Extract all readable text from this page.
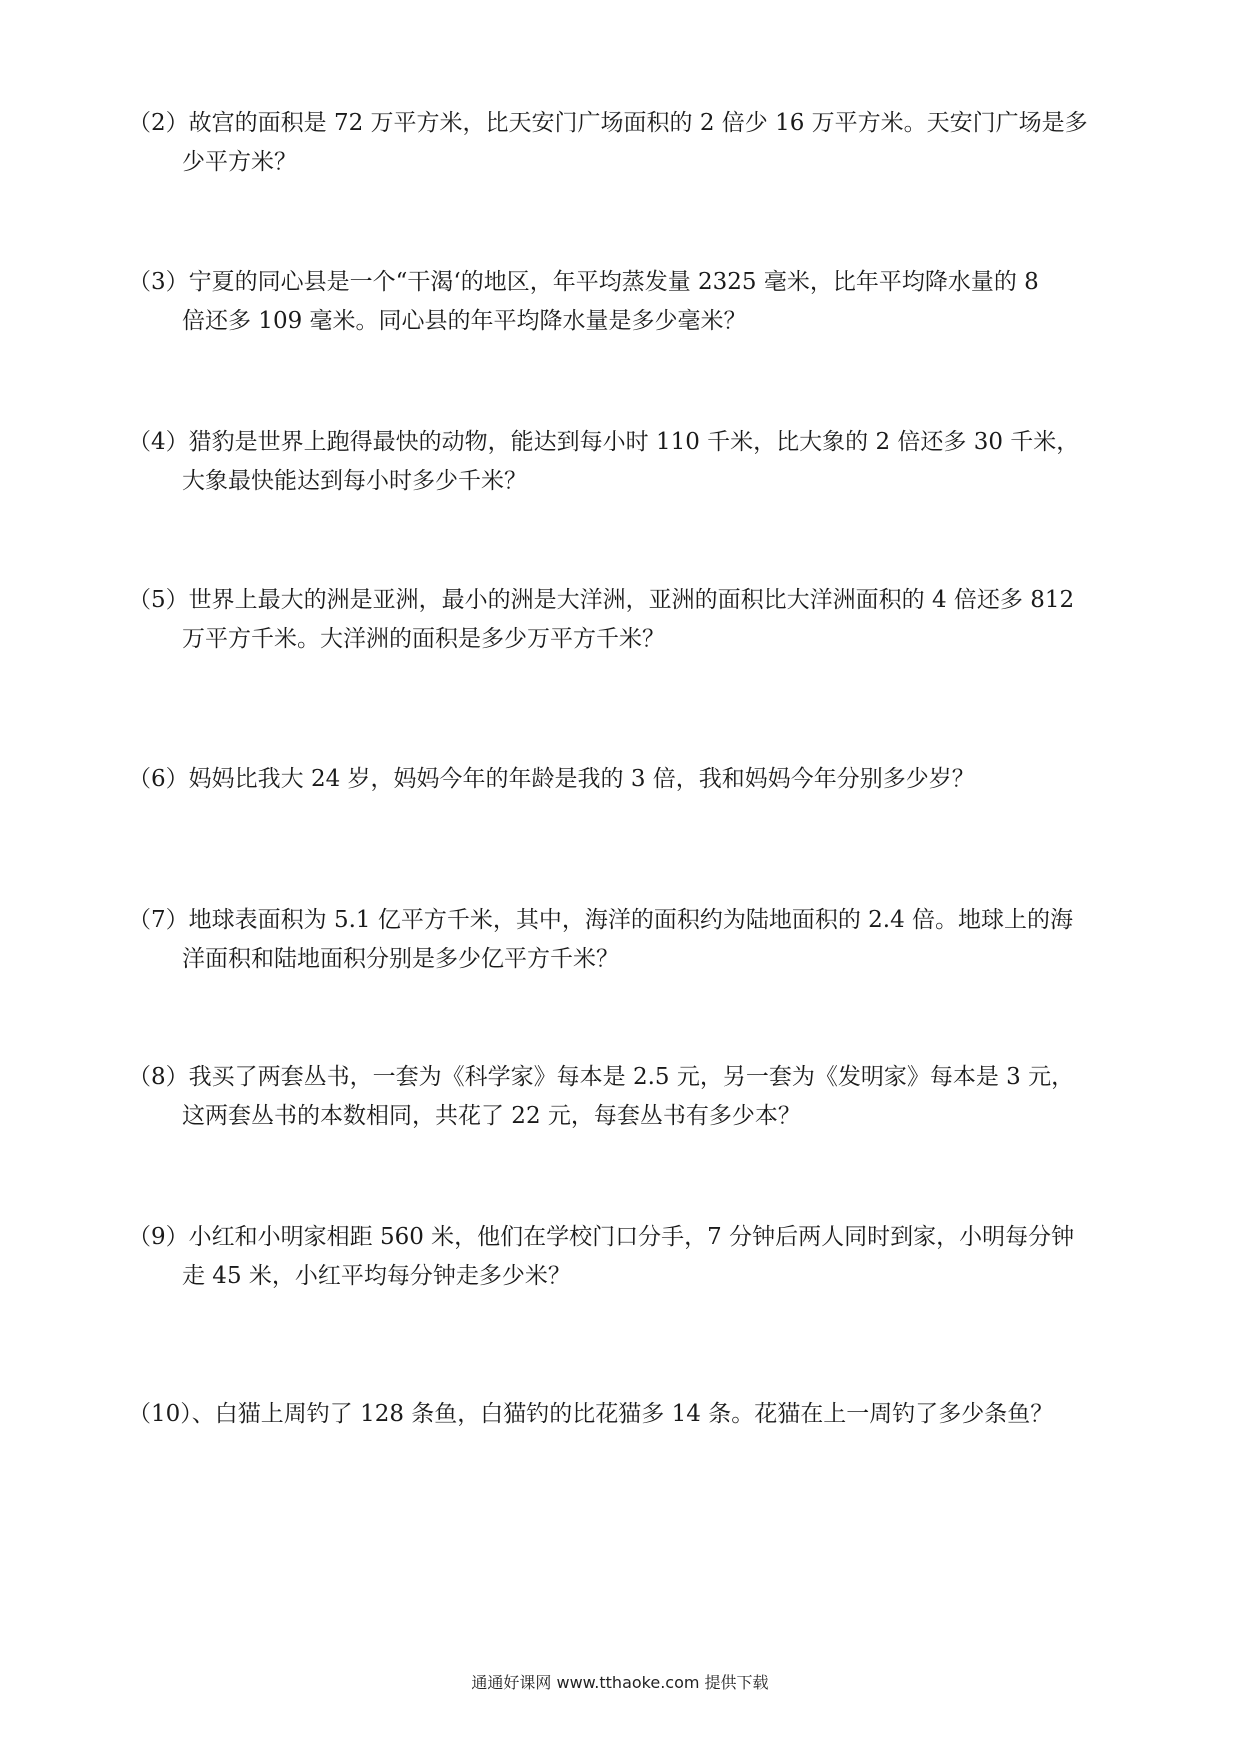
（2）故宫的面积是 72 万平方米，比天安门广场面积的 2 倍少 16 万平方米。天安门广场是多
少平方米？
（3）宁夏的同心县是一个“干渴‘的地区，年平均蒸发量 2325 毫米，比年平均降水量的 8
倍还多 109 毫米。同心县的年平均降水量是多少毫米？
（4）猎豹是世界上跑得最快的动物，能达到每小时 110 千米，比大象的 2 倍还多 30 千米，
大象最快能达到每小时多少千米？
（5）世界上最大的洲是亚洲，最小的洲是大洋洲，亚洲的面积比大洋洲面积的 4 倍还多 812
万平方千米。大洋洲的面积是多少万平方千米？
（6）妈妈比我大 24 岁，妈妈今年的年龄是我的 3 倍，我和妈妈今年分别多少岁？
（7）地球表面积为 5.1 亿平方千米，其中，海洋的面积约为陆地面积的 2.4 倍。地球上的海
洋面积和陆地面积分别是多少亿平方千米？
（8）我买了两套丛书，一套为《科学家》每本是 2.5 元，另一套为《发明家》每本是 3 元，
这两套丛书的本数相同，共花了 22 元，每套丛书有多少本？
（9）小红和小明家相距 560 米，他们在学校门口分手，7 分钟后两人同时到家，小明每分钟
走 45 米，小红平均每分钟走多少米？
（10）、白猫上周钓了 128 条鱼，白猫钓的比花猫多 14 条。花猫在上一周钓了多少条鱼？
通通好课网 www.tthaoke.com 提供下载
